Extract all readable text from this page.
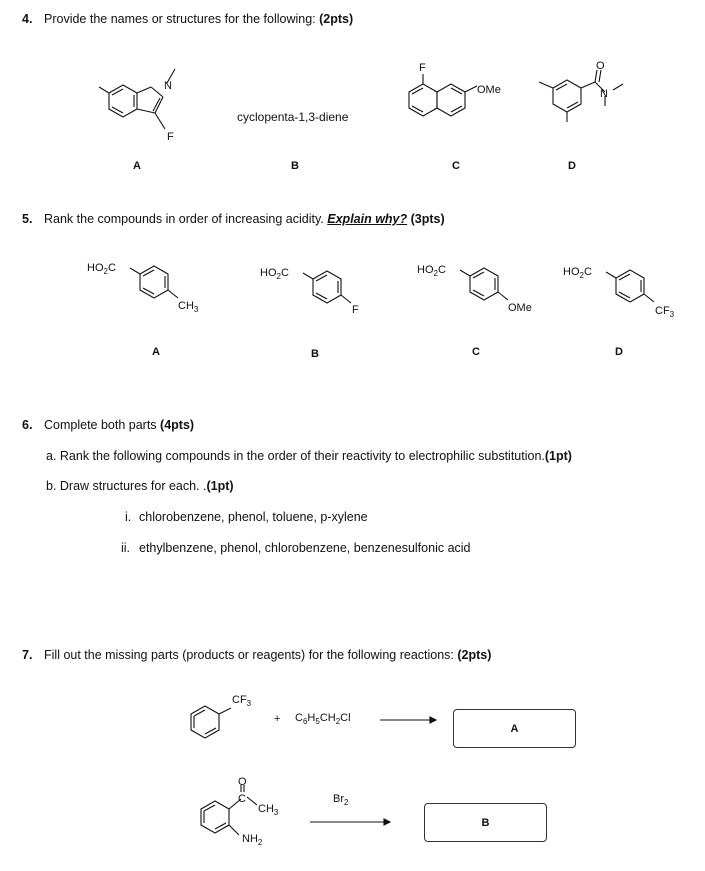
4. Provide the names or structures for the following: (2pts)
N
F
cyclopenta-1,3-diene
F
OMe
O
N
A	B	C	D
5. Rank the compounds in order of increasing acidity. Explain why? (3pts)
$HO_2C$
$CH_3$
$HO_2C$
F
$HO_2C$
OMe
$HO_2C$
$CF_3$
A	B	C	D
6. Complete both parts (4pts)
a. Rank the following compounds in the order of their reactivity to electrophilic substitution.(1pt)
b. Draw structures for each. .(1pt)
i. chlorobenzene, phenol, toluene, p-xylene
ii. ethylbenzene, phenol, chlorobenzene, benzenesulfonic acid
7. Fill out the missing parts (products or reagents) for the following reactions: (2pts)
$CF_3$
+ $C_6H_5CH_2Cl$
A
O
C
$CH_3$
$NH_2$
$Br_2$
B
